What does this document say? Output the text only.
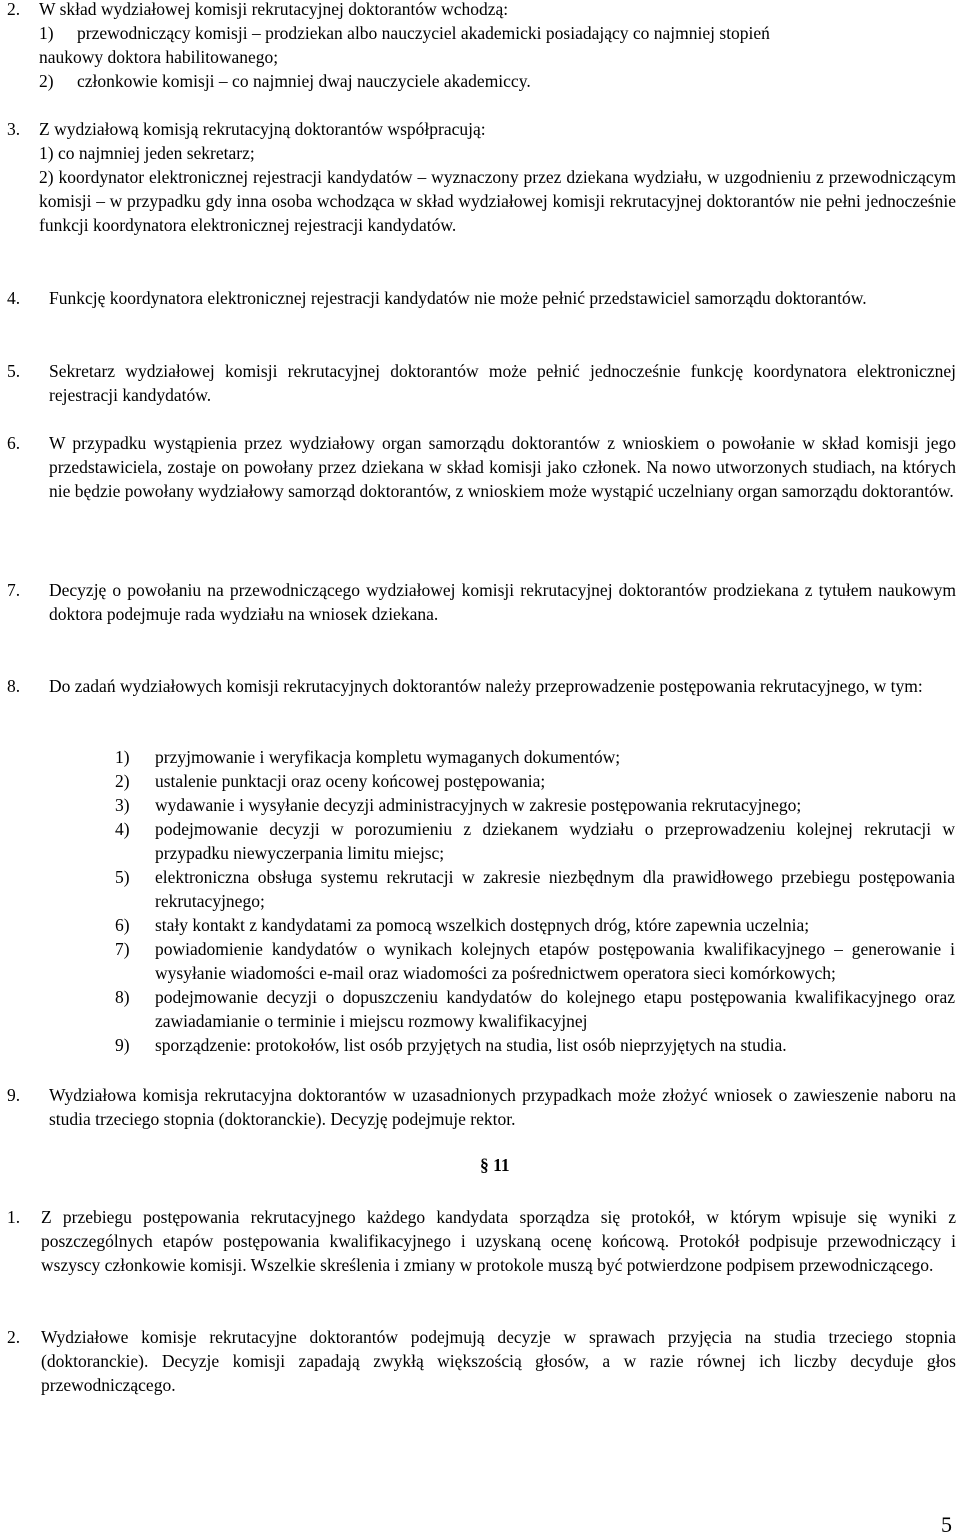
2. W skład wydziałowej komisji rekrutacyjnej doktorantów wchodzą:
1) przewodniczący komisji – prodziekan albo nauczyciel akademicki posiadający co najmniej stopień
naukowy doktora habilitowanego;
2) członkowie komisji – co najmniej dwaj nauczyciele akademiccy.
3. Z wydziałową komisją rekrutacyjną doktorantów współpracują:
1) co najmniej jeden sekretarz;
2) koordynator elektronicznej rejestracji kandydatów – wyznaczony przez dziekana wydziału, w uzgodnieniu z przewodniczącym komisji – w przypadku gdy inna osoba wchodząca w skład wydziałowej komisji rekrutacyjnej doktorantów nie pełni jednocześnie funkcji koordynatora elektronicznej rejestracji kandydatów.
4. Funkcję koordynatora elektronicznej rejestracji kandydatów nie może pełnić przedstawiciel samorządu doktorantów.
5. Sekretarz wydziałowej komisji rekrutacyjnej doktorantów może pełnić jednocześnie funkcję koordynatora elektronicznej rejestracji kandydatów.
6. W przypadku wystąpienia przez wydziałowy organ samorządu doktorantów z wnioskiem o powołanie w skład komisji jego przedstawiciela, zostaje on powołany przez dziekana w skład komisji jako członek. Na nowo utworzonych studiach, na których nie będzie powołany wydziałowy samorząd doktorantów, z wnioskiem może wystąpić uczelniany organ samorządu doktorantów.
7. Decyzję o powołaniu na przewodniczącego wydziałowej komisji rekrutacyjnej doktorantów prodziekana z tytułem naukowym doktora podejmuje rada wydziału na wniosek dziekana.
8. Do zadań wydziałowych komisji rekrutacyjnych doktorantów należy przeprowadzenie postępowania rekrutacyjnego, w tym:
1) przyjmowanie i weryfikacja kompletu wymaganych dokumentów;
2) ustalenie punktacji oraz oceny końcowej postępowania;
3) wydawanie i wysyłanie decyzji administracyjnych w zakresie postępowania rekrutacyjnego;
4) podejmowanie decyzji w porozumieniu z dziekanem wydziału o przeprowadzeniu kolejnej rekrutacji w przypadku niewyczerpania limitu miejsc;
5) elektroniczna obsługa systemu rekrutacji w zakresie niezbędnym dla prawidłowego przebiegu postępowania rekrutacyjnego;
6) stały kontakt z kandydatami za pomocą wszelkich dostępnych dróg, które zapewnia uczelnia;
7) powiadomienie kandydatów o wynikach kolejnych etapów postępowania kwalifikacyjnego – generowanie i wysyłanie wiadomości e-mail oraz wiadomości za pośrednictwem operatora sieci komórkowych;
8) podejmowanie decyzji o dopuszczeniu kandydatów do kolejnego etapu postępowania kwalifikacyjnego oraz zawiadamianie o terminie i miejscu rozmowy kwalifikacyjnej
9) sporządzenie: protokołów, list osób przyjętych na studia, list osób nieprzyjętych na studia.
9. Wydziałowa komisja rekrutacyjna doktorantów w uzasadnionych przypadkach może złożyć wniosek o zawieszenie naboru na studia trzeciego stopnia (doktoranckie). Decyzję podejmuje rektor.
§ 11
1. Z przebiegu postępowania rekrutacyjnego każdego kandydata sporządza się protokół, w którym wpisuje się wyniki z poszczególnych etapów postępowania kwalifikacyjnego i uzyskaną ocenę końcową. Protokół podpisuje przewodniczący i wszyscy członkowie komisji. Wszelkie skreślenia i zmiany w protokole muszą być potwierdzone podpisem przewodniczącego.
2. Wydziałowe komisje rekrutacyjne doktorantów podejmują decyzje w sprawach przyjęcia na studia trzeciego stopnia (doktoranckie). Decyzje komisji zapadają zwykłą większością głosów, a w razie równej ich liczby decyduje głos przewodniczącego.
5
